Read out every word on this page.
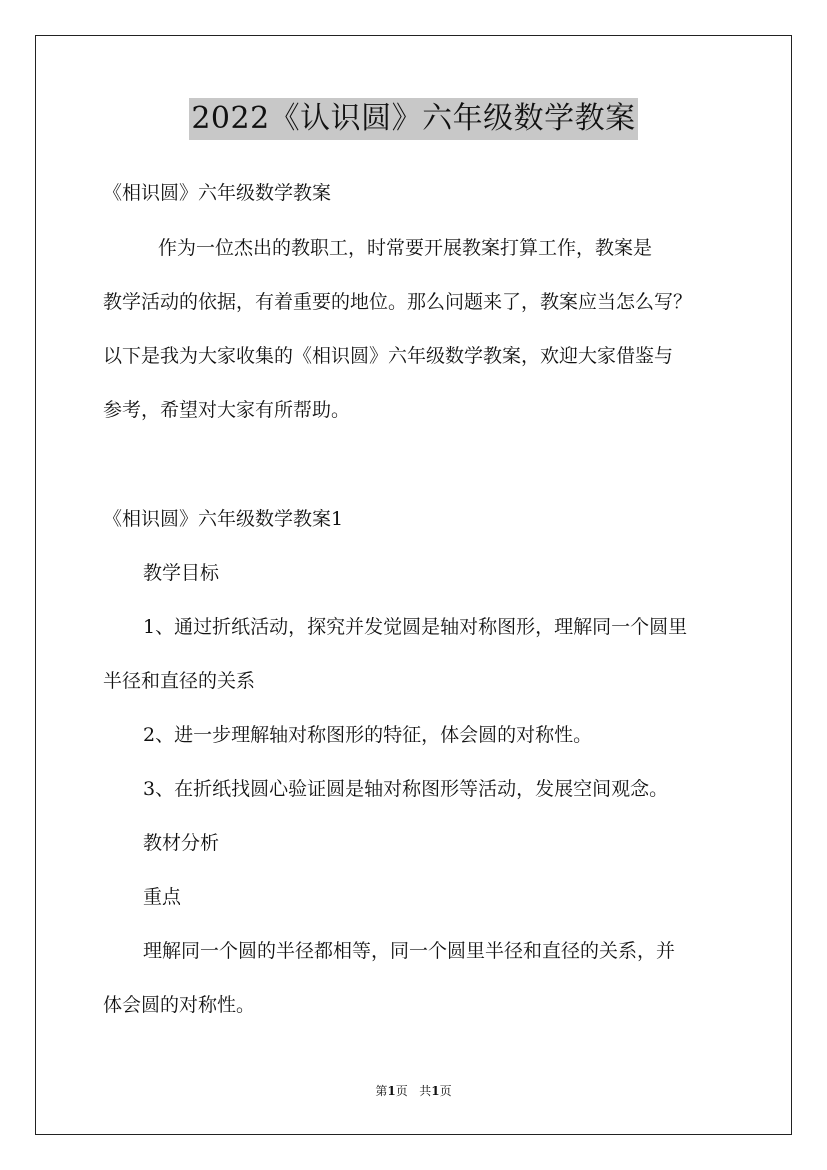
2022《认识圆》六年级数学教案
《相识圆》六年级数学教案
作为一位杰出的教职工，时常要开展教案打算工作，教案是
教学活动的依据，有着重要的地位。那么问题来了，教案应当怎么写？
以下是我为大家收集的《相识圆》六年级数学教案，欢迎大家借鉴与
参考，希望对大家有所帮助。
《相识圆》六年级数学教案1
教学目标
1、通过折纸活动，探究并发觉圆是轴对称图形，理解同一个圆里
半径和直径的关系
2、进一步理解轴对称图形的特征，体会圆的对称性。
3、在折纸找圆心验证圆是轴对称图形等活动，发展空间观念。
教材分析
重点
理解同一个圆的半径都相等，同一个圆里半径和直径的关系，并
体会圆的对称性。
第1页 共1页
